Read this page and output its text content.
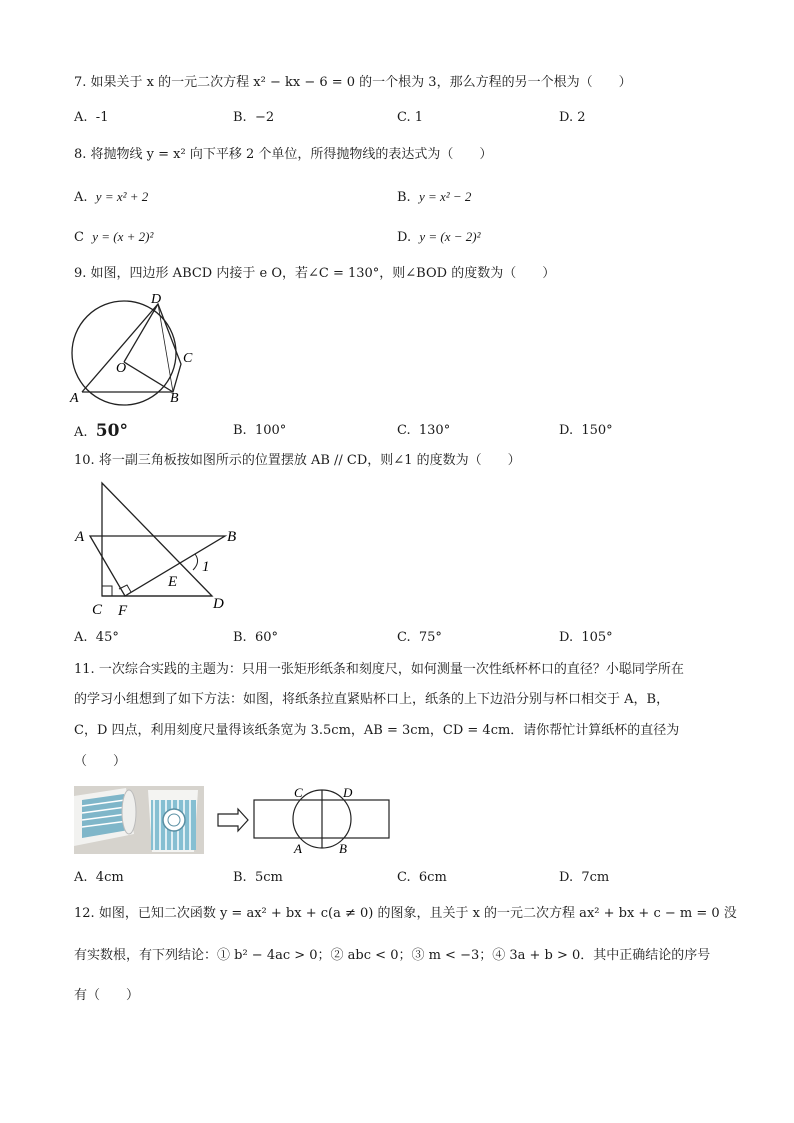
7. 如果关于 x 的一元二次方程 x² − kx − 6 = 0 的一个根为 3，那么方程的另一个根为（　　）
A. -1	B. −2	C. 1	D. 2
8. 将抛物线 y = x² 向下平移 2 个单位，所得抛物线的表达式为（　　）
A. y = x² + 2	B. y = x² − 2
C y = (x + 2)²	D. y = (x − 2)²
9. 如图，四边形 ABCD 内接于 e O，若∠C = 130°，则∠BOD 的度数为（　　）
D
C
O
A	B
A. 50°	B. 100°	C. 130°	D. 150°
10. 将一副三角板按如图所示的位置摆放 AB // CD，则∠1 的度数为（　　）
A	B
E
1
C F	D
A. 45°	B. 60°	C. 75°	D. 105°
11. 一次综合实践的主题为：只用一张矩形纸条和刻度尺，如何测量一次性纸杯杯口的直径？小聪同学所在
的学习小组想到了如下方法：如图，将纸条拉直紧贴杯口上，纸条的上下边沿分别与杯口相交于 A，B，
C，D 四点，利用刻度尺量得该纸条宽为 3.5cm，AB = 3cm，CD = 4cm．请你帮忙计算纸杯的直径为
（　　）
C	D
A	B
A. 4cm	B. 5cm	C. 6cm	D. 7cm
12. 如图，已知二次函数 y = ax² + bx + c(a ≠ 0) 的图象，且关于 x 的一元二次方程 ax² + bx + c − m = 0 没
有实数根，有下列结论：① b² − 4ac > 0；② abc < 0；③ m < −3；④ 3a + b > 0．其中正确结论的序号
有（　　）
